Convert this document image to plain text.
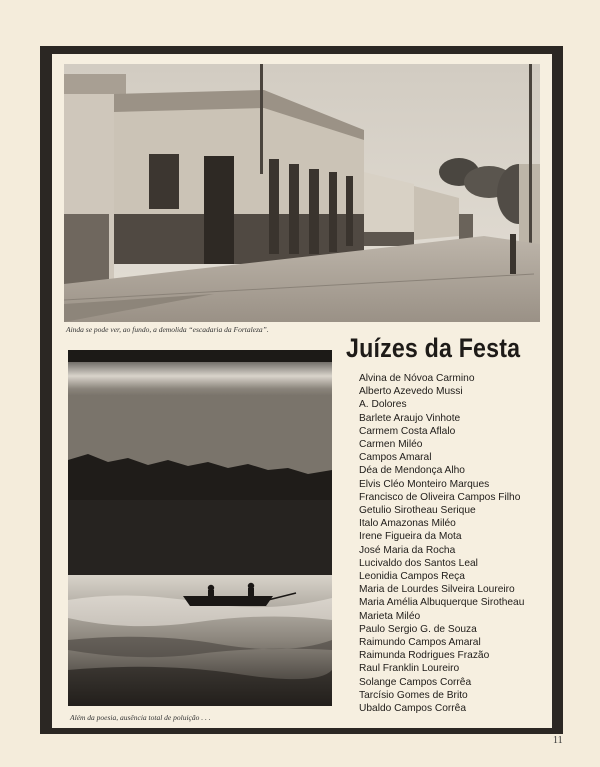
Ainda se pode ver, ao fundo, a demolida “escadaria da Fortaleza”.
Além da poesia, ausência total de poluição . . .
Juízes da Festa
Alvina de Nóvoa Carmino
Alberto Azevedo Mussi
A. Dolores
Barlete Araujo Vinhote
Carmem Costa Aflalo
Carmen Miléo
Campos Amaral
Déa de Mendonça Alho
Elvis Cléo Monteiro Marques
Francisco de Oliveira Campos Filho
Getulio Sirotheau Serique
Italo Amazonas Miléo
Irene Figueira da Mota
José Maria da Rocha
Lucivaldo dos Santos Leal
Leonidia Campos Reça
Maria de Lourdes Silveira Loureiro
Maria Amélia Albuquerque Sirotheau
Marieta Miléo
Paulo Sergio G. de Souza
Raimundo Campos Amaral
Raimunda Rodrigues Frazão
Raul Franklin Loureiro
Solange Campos Corrêa
Tarcísio Gomes de Brito
Ubaldo Campos Corrêa
11
